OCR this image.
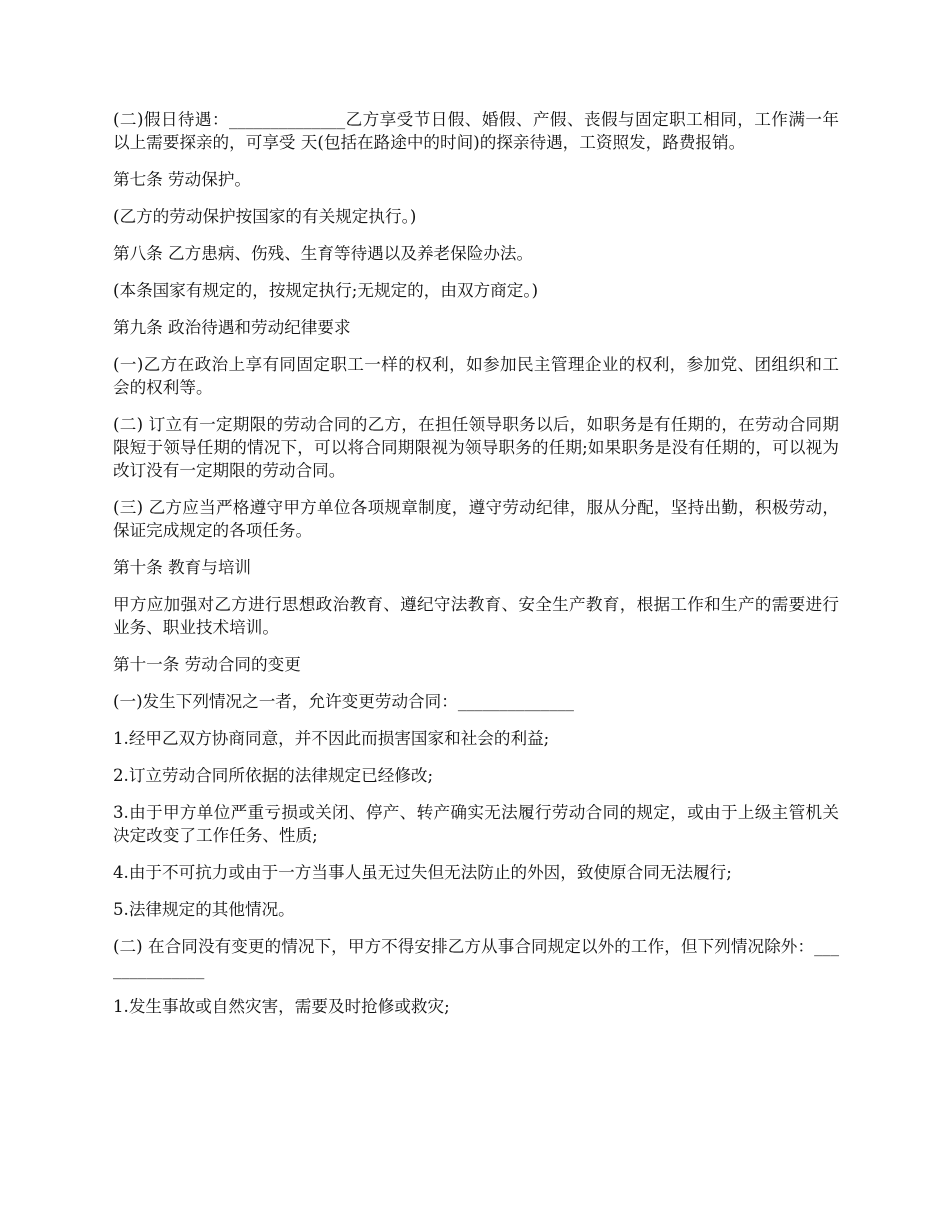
(二)假日待遇：______________乙方享受节日假、婚假、产假、丧假与固定职工相同，工作满一年以上需要探亲的，可享受 天(包括在路途中的时间)的探亲待遇，工资照发，路费报销。

第七条 劳动保护。

(乙方的劳动保护按国家的有关规定执行。)

第八条 乙方患病、伤残、生育等待遇以及养老保险办法。

(本条国家有规定的，按规定执行;无规定的，由双方商定。)

第九条 政治待遇和劳动纪律要求

(一)乙方在政治上享有同固定职工一样的权利，如参加民主管理企业的权利，参加党、团组织和工会的权利等。

(二) 订立有一定期限的劳动合同的乙方，在担任领导职务以后，如职务是有任期的，在劳动合同期限短于领导任期的情况下，可以将合同期限视为领导职务的任期;如果职务是没有任期的，可以视为改订没有一定期限的劳动合同。

(三) 乙方应当严格遵守甲方单位各项规章制度，遵守劳动纪律，服从分配，坚持出勤，积极劳动，保证完成规定的各项任务。

第十条 教育与培训

甲方应加强对乙方进行思想政治教育、遵纪守法教育、安全生产教育，根据工作和生产的需要进行业务、职业技术培训。

第十一条 劳动合同的变更

(一)发生下列情况之一者，允许变更劳动合同：______________

1.经甲乙双方协商同意，并不因此而损害国家和社会的利益;

2.订立劳动合同所依据的法律规定已经修改;

3.由于甲方单位严重亏损或关闭、停产、转产确实无法履行劳动合同的规定，或由于上级主管机关决定改变了工作任务、性质;

4.由于不可抗力或由于一方当事人虽无过失但无法防止的外因，致使原合同无法履行;

5.法律规定的其他情况。

(二) 在合同没有变更的情况下，甲方不得安排乙方从事合同规定以外的工作，但下列情况除外：______________

1.发生事故或自然灾害，需要及时抢修或救灾;
